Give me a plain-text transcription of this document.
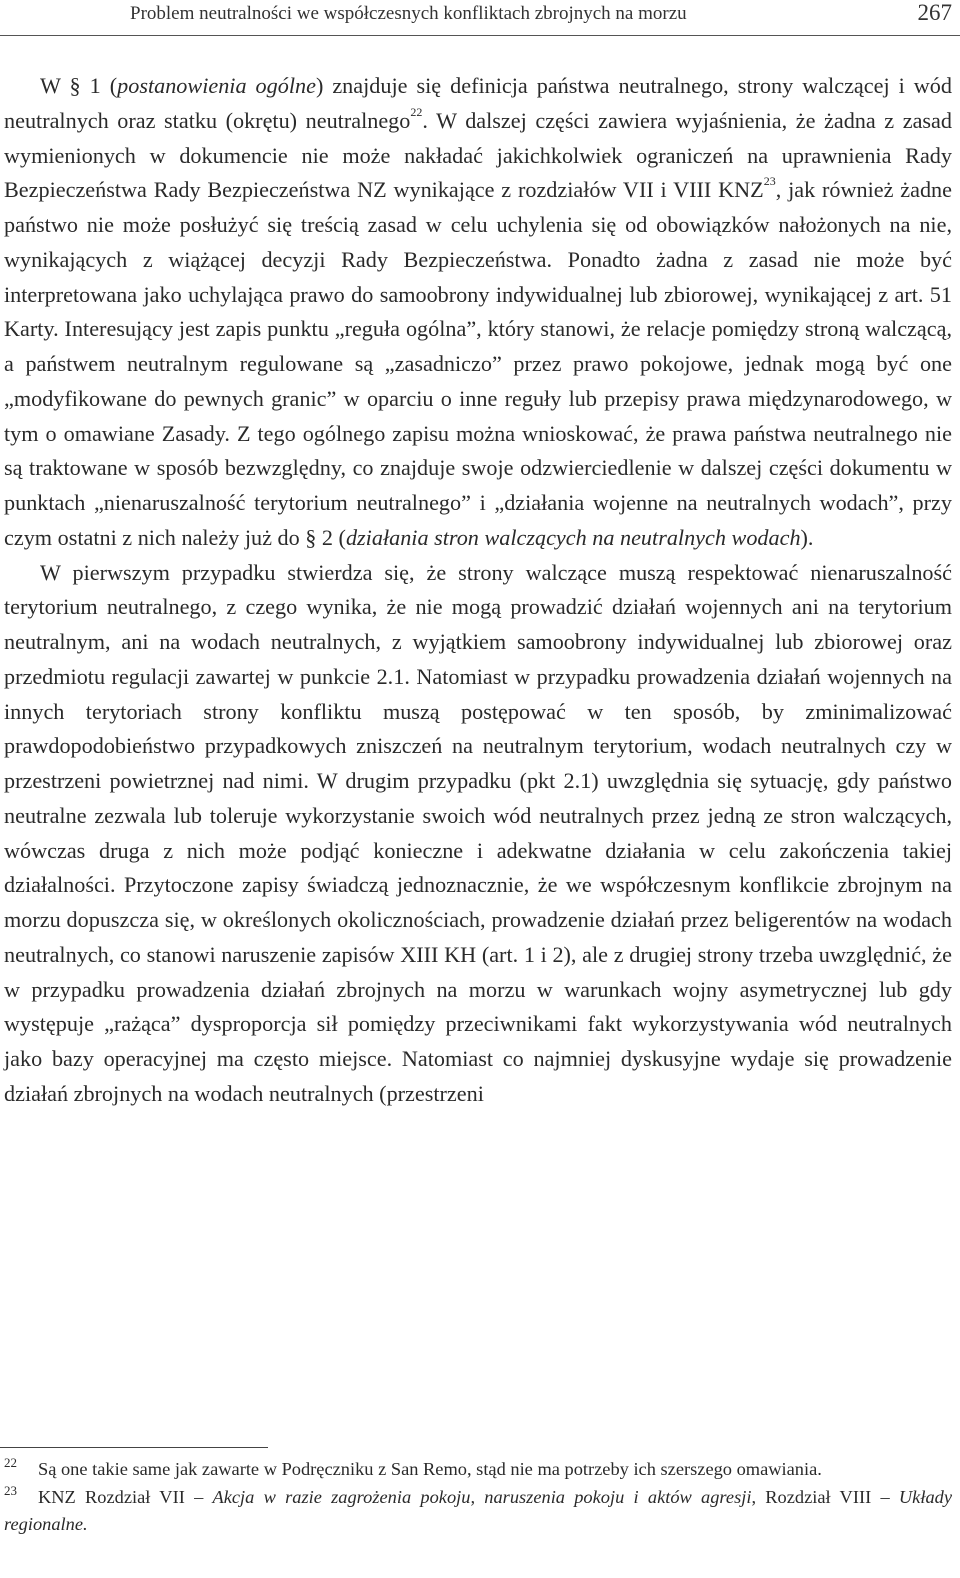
Problem neutralności we współczesnych konfliktach zbrojnych na morzu	267

W § 1 (postanowienia ogólne) znajduje się definicja państwa neutralnego, strony walczącej i wód neutralnych oraz statku (okrętu) neutralnego$^{22}$. W dalszej części zawiera wyjaśnienia, że żadna z zasad wymienionych w dokumencie nie może nakładać jakichkolwiek ograniczeń na uprawnienia Rady Bezpieczeństwa Rady Bezpieczeństwa NZ wynikające z rozdziałów VII i VIII KNZ$^{23}$, jak również żadne państwo nie może posłużyć się treścią zasad w celu uchylenia się od obowiązków nałożonych na nie, wynikających z wiążącej decyzji Rady Bezpieczeństwa. Ponadto żadna z zasad nie może być interpretowana jako uchylająca prawo do samoobrony indywidualnej lub zbiorowej, wynikającej z art. 51 Karty. Interesujący jest zapis punktu „reguła ogólna”, który stanowi, że relacje pomiędzy stroną walczącą, a państwem neutralnym regulowane są „zasadniczo” przez prawo pokojowe, jednak mogą być one „modyfikowane do pewnych granic” w oparciu o inne reguły lub przepisy prawa międzynarodowego, w tym o omawiane Zasady. Z tego ogólnego zapisu można wnioskować, że prawa państwa neutralnego nie są traktowane w sposób bezwzględny, co znajduje swoje odzwierciedlenie w dalszej części dokumentu w punktach „nienaruszalność terytorium neutralnego” i „działania wojenne na neutralnych wodach”, przy czym ostatni z nich należy już do § 2 (działania stron walczących na neutralnych wodach).

W pierwszym przypadku stwierdza się, że strony walczące muszą respektować nienaruszalność terytorium neutralnego, z czego wynika, że nie mogą prowadzić działań wojennych ani na terytorium neutralnym, ani na wodach neutralnych, z wyjątkiem samoobrony indywidualnej lub zbiorowej oraz przedmiotu regulacji zawartej w punkcie 2.1. Natomiast w przypadku prowadzenia działań wojennych na innych terytoriach strony konfliktu muszą postępować w ten sposób, by zminimalizować prawdopodobieństwo przypadkowych zniszczeń na neutralnym terytorium, wodach neutralnych czy w przestrzeni powietrznej nad nimi. W drugim przypadku (pkt 2.1) uwzględnia się sytuację, gdy państwo neutralne zezwala lub toleruje wykorzystanie swoich wód neutralnych przez jedną ze stron walczących, wówczas druga z nich może podjąć konieczne i adekwatne działania w celu zakończenia takiej działalności. Przytoczone zapisy świadczą jednoznacznie, że we współczesnym konflikcie zbrojnym na morzu dopuszcza się, w określonych okolicznościach, prowadzenie działań przez beligerentów na wodach neutralnych, co stanowi naruszenie zapisów XIII KH (art. 1 i 2), ale z drugiej strony trzeba uwzględnić, że w przypadku prowadzenia działań zbrojnych na morzu w warunkach wojny asymetrycznej lub gdy występuje „rażąca” dysproporcja sił pomiędzy przeciwnikami fakt wykorzystywania wód neutralnych jako bazy operacyjnej ma często miejsce. Natomiast co najmniej dyskusyjne wydaje się prowadzenie działań zbrojnych na wodach neutralnych (przestrzeni

22	Są one takie same jak zawarte w Podręczniku z San Remo, stąd nie ma potrzeby ich szerszego omawiania.

23	KNZ Rozdział VII – Akcja w razie zagrożenia pokoju, naruszenia pokoju i aktów agresji, Rozdział VIII – Układy regionalne.
